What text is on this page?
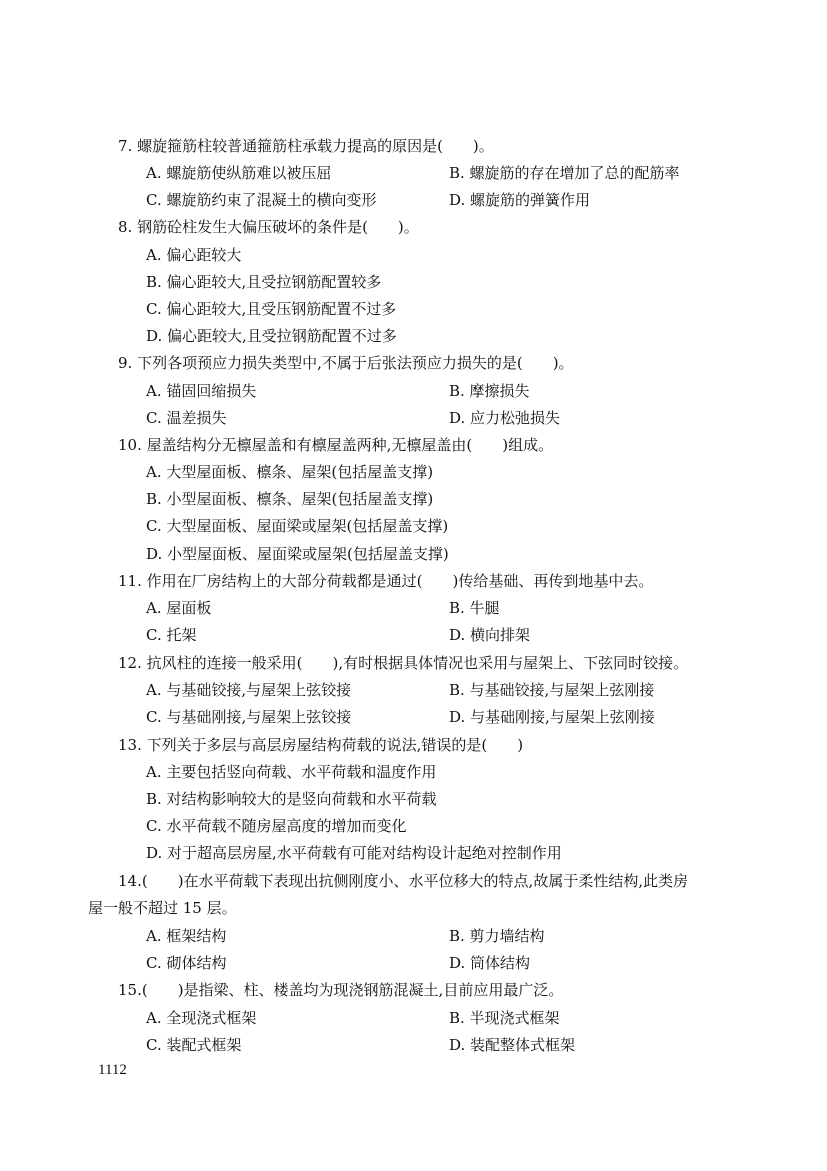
7. 螺旋箍筋柱较普通箍筋柱承载力提高的原因是(　　)。
A. 螺旋筋使纵筋难以被压屈	B. 螺旋筋的存在增加了总的配筋率
C. 螺旋筋约束了混凝土的横向变形	D. 螺旋筋的弹簧作用
8. 钢筋砼柱发生大偏压破坏的条件是(　　)。
A. 偏心距较大
B. 偏心距较大,且受拉钢筋配置较多
C. 偏心距较大,且受压钢筋配置不过多
D. 偏心距较大,且受拉钢筋配置不过多
9. 下列各项预应力损失类型中,不属于后张法预应力损失的是(　　)。
A. 锚固回缩损失	B. 摩擦损失
C. 温差损失	D. 应力松弛损失
10. 屋盖结构分无檩屋盖和有檩屋盖两种,无檩屋盖由(　　)组成。
A. 大型屋面板、檩条、屋架(包括屋盖支撑)
B. 小型屋面板、檩条、屋架(包括屋盖支撑)
C. 大型屋面板、屋面梁或屋架(包括屋盖支撑)
D. 小型屋面板、屋面梁或屋架(包括屋盖支撑)
11. 作用在厂房结构上的大部分荷载都是通过(　　)传给基础、再传到地基中去。
A. 屋面板	B. 牛腿
C. 托架	D. 横向排架
12. 抗风柱的连接一般采用(　　),有时根据具体情况也采用与屋架上、下弦同时铰接。
A. 与基础铰接,与屋架上弦铰接	B. 与基础铰接,与屋架上弦刚接
C. 与基础刚接,与屋架上弦铰接	D. 与基础刚接,与屋架上弦刚接
13. 下列关于多层与高层房屋结构荷载的说法,错误的是(　　)
A. 主要包括竖向荷载、水平荷载和温度作用
B. 对结构影响较大的是竖向荷载和水平荷载
C. 水平荷载不随房屋高度的增加而变化
D. 对于超高层房屋,水平荷载有可能对结构设计起绝对控制作用
14.(　　)在水平荷载下表现出抗侧刚度小、水平位移大的特点,故属于柔性结构,此类房
屋一般不超过 15 层。
A. 框架结构	B. 剪力墙结构
C. 砌体结构	D. 筒体结构
15.(　　)是指梁、柱、楼盖均为现浇钢筋混凝土,目前应用最广泛。
A. 全现浇式框架	B. 半现浇式框架
C. 装配式框架	D. 装配整体式框架
1112
